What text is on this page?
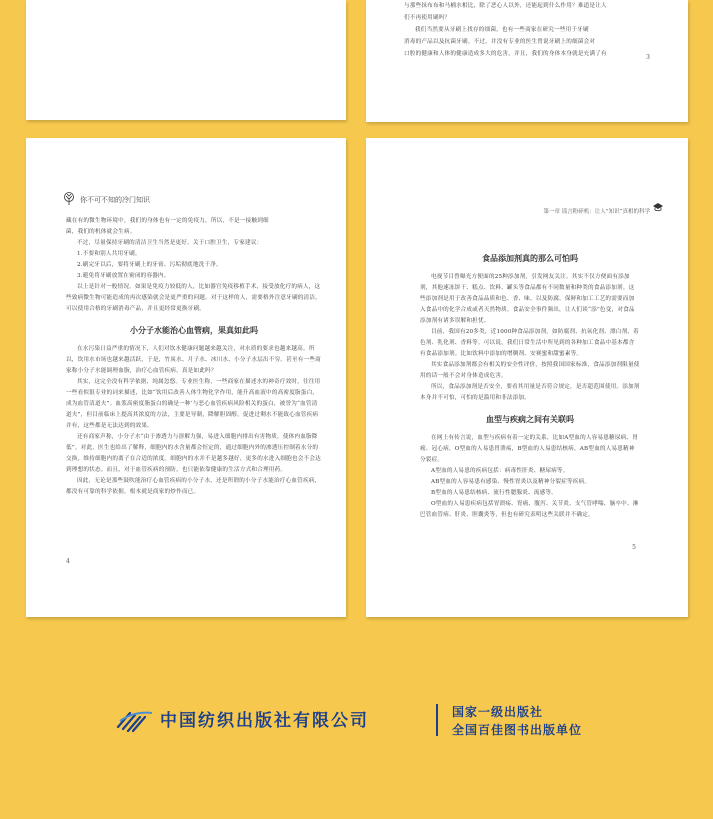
与那些抹布布和马桶水相比，除了恶心人以外，还能起到什么作用？难道是让人

们不再使用刷吗？

我们当然要从牙刷上找存的细菌，也有一些商家在研究一些用于牙刷

消毒的产品以及抗菌牙刷。不过，并没有专业的医生曾说牙刷上的细菌会对

口腔的健康和人体的健康造成多大的危害，并且，我们的身体本身就是充满了有	3
你不可不知的冷门知识

藏在有的微生物环境中，我们的身体也有一定的免疫力，所以，不是一接触到细

菌，我们的机体就会生病。

不过，尽量保持牙刷的清洁卫生当然是更好。关于口腔卫生，专家建议：

1.不要和别人共用牙刷。

2.刷完牙以后，要将牙刷上的牙膏、污垢彻底地洗干净。

3.避免将牙刷放置在密闭的容器内。

以上是针对一般情况。如果是免疫力较低的人，比如器官免疫移植手术，接受放化疗的病人，这些致病微生物可能造成的再次感染就会是更严重的问题。对于这样的人，需要格外注意牙刷的清洁，可以使用合格的牙刷消毒产品，并且更经常更换牙刷。

小分子水能治心血管病，果真如此吗

在水污染日益严重的情况下，人们对饮水健康问题越来越关注，对水质的要求也越来越高。所以，饮用水市场也越来越活跃，于是，竹炭水、月子水、冰川水、小分子水层出不穷。甚至有一些商家称小分子水能调理血脂，治疗心血管疾病。真是如此吗？

其实，这完全没有科学依据，纯属忽悠。专业医生称，一些商家在描述水的神奇疗效时，往往用一些看似很专业的词来描述，比如“饮用后改善人体生物化学作用，能升高血液中的高密度脂蛋白，成为血管清道夫”。血浆高密度脂蛋白的确是一种‘与恶心血管疾病风险相关的蛋白，被誉为“血管清道夫”，但目前临床上提高其浓度的方法，主要是导制，降解胆固醇，促进过剩水不能致心血管疾病并有，这些都是无法达到的效果。

还有商家声称，小分子水“由于渗透力与溶解力强，易进入细胞内排出有害物质，使体内血脂降低”。对此，医生也给出了解释，细胞内的水含量都会恒定的，通过细胞内外的渗透压控制着水分的交换，维持细胞内的离子在合适的浓度。细胞内的水并不是越多越好，更多的水进入细胞也会不会达到理想的状态。而且，对于血管疾病的预防，也只能依靠健康的生活方式和合理用药。

因此，无论是那些鼓吹能治疗心血管疾病的小分子水，还是所谓的小分子水能治疗心血管疾病，都没有可靠的科学依据，根本就是商家的炒作而已。

4
第一章 谣言粉碎机：让人“知识”真相的科学
食品添加剂真的那么可怕吗

电视节目曾曝光方便面的25种添加剂，引发网友关注。其实不仅方便面有添加剂，其他速冻饼干、糕点、饮料、罐头等食品都有不同数量和种类的食品添加剂。这些添加剂是用于改善食品品质和色、香、味，以及防腐、保鲜和加工工艺的需要而加入食品中的化学合成或者天然物质。食品安全事件频出，让人们谈“添”色变，对食品添加剂有诸多误解和担忧。

目前，我国有20多类，近1000种食品添加剂，如防腐剂、抗氧化剂、漂白剂、着色剂、乳化剂、香料等。可以说，我们日常生活中所见到的各种加工食品中基本都含有食品添加剂。比如饮料中添加的增稠剂、安赛蜜和甜蜜素等。

其实食品添加剂都会有相关的安全性评价，按照我国国家标准，食品添加剂限量使用的话一般不会对身体造成危害。

所以，食品添加剂是否安全，要看其用量是否符合规定，是否超范围使用。添加剂本身并不可怕，可怕的是滥用和非法添加。

血型与疾病之间有关联吗

在网上有传言说，血型与疾病有着一定的关系，比如A型血的人容易患糖尿病、胃癌、冠心病，O型血的人易患胃溃疡，B型血的人易患结核病，AB型血的人易患精神分裂症。

A型血的人易患的疾病包括：病毒性肝炎、糖尿病等。

AB型血的人容易患有感染、慢性胃炎以及精神分裂症等疾病。

B型血的人易患结核病、流行性腮腺炎、流感等。

O型血的人易患疾病包括胃溃疡、胃癌、腹泻、关节炎、支气管哮喘、脑卒中、淋巴管血管病、肝炎、胆囊炎等，但也有研究表明这些关联并不确定。

5
中国纺织出版社有限公司	国家一级出版社
全国百佳图书出版单位
